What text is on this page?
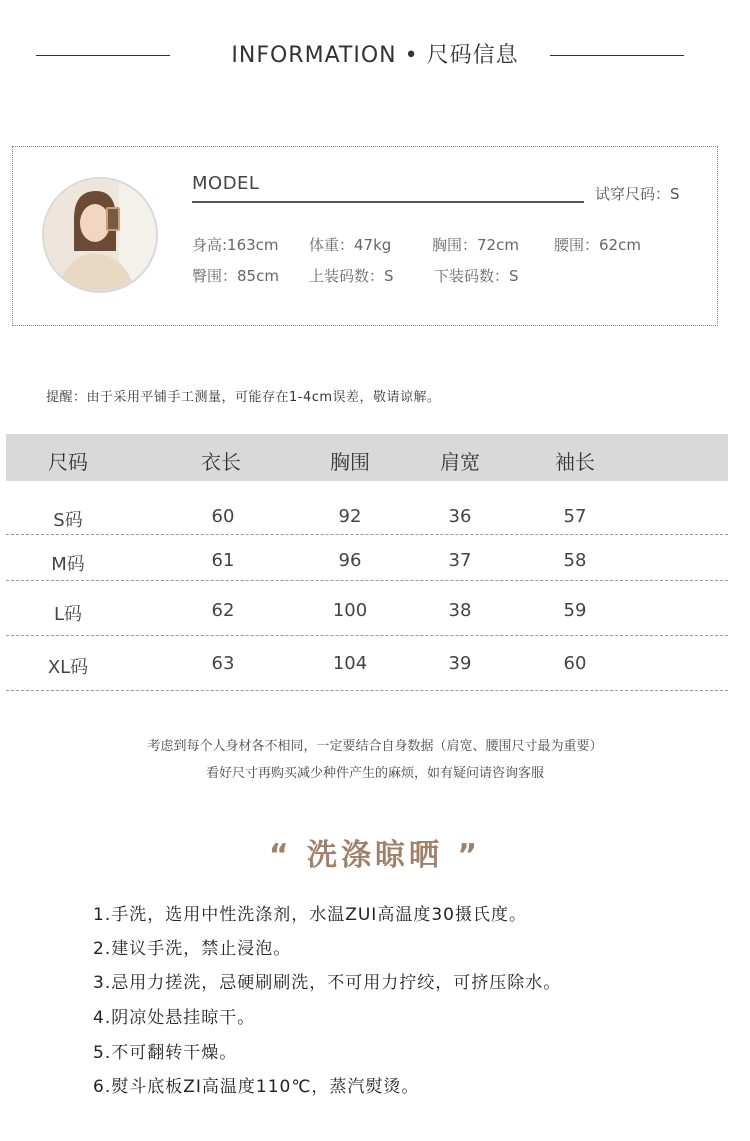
INFORMATION • 尺码信息
MODEL	试穿尺码：S
身高:163cm 体重：47kg	胸围：72cm 腰围：62cm
臀围：85cm 上装码数：S	下装码数：S
提醒：由于采用平铺手工测量，可能存在1-4cm误差，敬请谅解。
尺码	衣长	胸围	肩宽	袖长
S码	60	92	36	57
M码	61	96	37	58
L码	62	100	38	59
XL码	63	104	39	60
考虑到每个人身材各不相同，一定要结合自身数据（肩宽、腰围尺寸最为重要）
看好尺寸再购买减少种件产生的麻烦，如有疑问请咨询客服
“ 洗涤晾晒 ”
1.手洗，选用中性洗涤剂，水温ZUI高温度30摄氏度。
2.建议手洗，禁止浸泡。
3.忌用力搓洗，忌硬刷刷洗，不可用力拧绞，可挤压除水。
4.阴凉处悬挂晾干。
5.不可翻转干燥。
6.熨斗底板ZI高温度110℃，蒸汽熨烫。
